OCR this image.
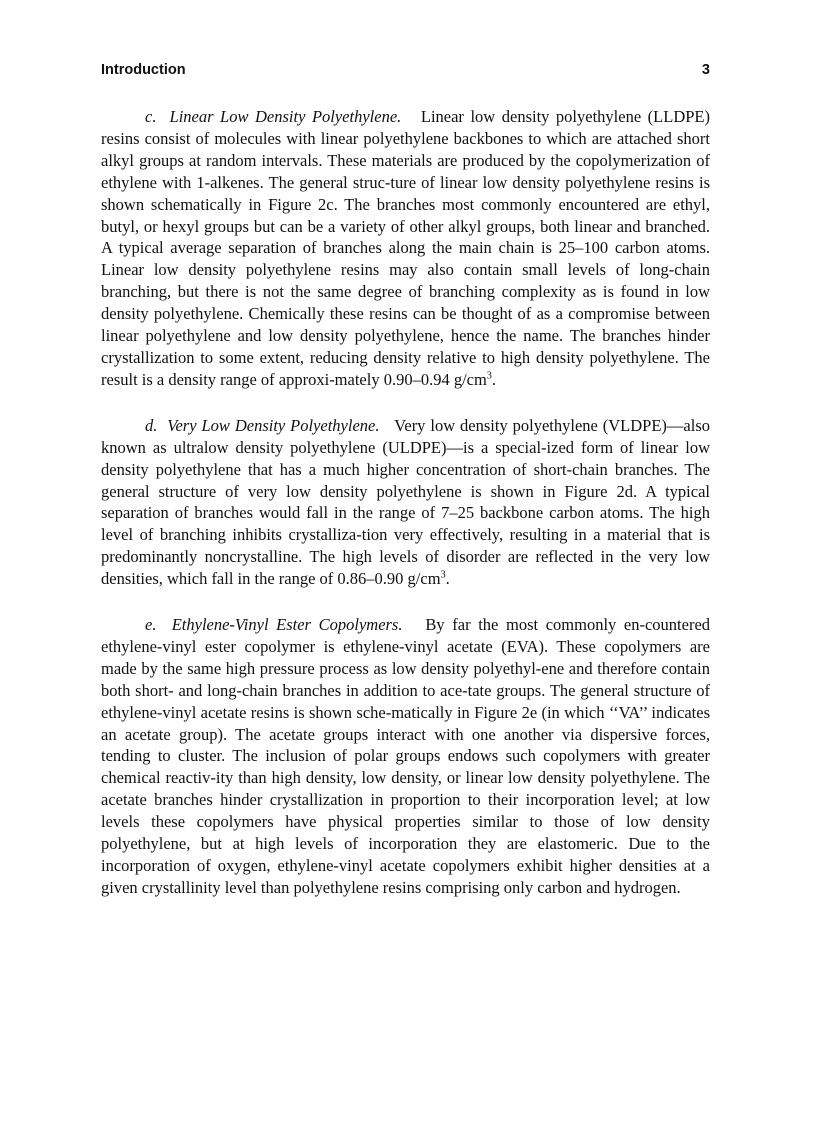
Introduction	3

c. Linear Low Density Polyethylene. Linear low density polyethylene (LLDPE) resins consist of molecules with linear polyethylene backbones to which are attached short alkyl groups at random intervals. These materials are produced by the copolymerization of ethylene with 1-alkenes. The general struc-ture of linear low density polyethylene resins is shown schematically in Figure 2c. The branches most commonly encountered are ethyl, butyl, or hexyl groups but can be a variety of other alkyl groups, both linear and branched. A typical average separation of branches along the main chain is 25–100 carbon atoms. Linear low density polyethylene resins may also contain small levels of long-chain branching, but there is not the same degree of branching complexity as is found in low density polyethylene. Chemically these resins can be thought of as a compromise between linear polyethylene and low density polyethylene, hence the name. The branches hinder crystallization to some extent, reducing density relative to high density polyethylene. The result is a density range of approxi-mately 0.90–0.94 $g/cm^3$.

d. Very Low Density Polyethylene. Very low density polyethylene (VLDPE)—also known as ultralow density polyethylene (ULDPE)—is a special-ized form of linear low density polyethylene that has a much higher concentration of short-chain branches. The general structure of very low density polyethylene is shown in Figure 2d. A typical separation of branches would fall in the range of 7–25 backbone carbon atoms. The high level of branching inhibits crystalliza-tion very effectively, resulting in a material that is predominantly noncrystalline. The high levels of disorder are reflected in the very low densities, which fall in the range of 0.86–0.90 $g/cm^3$.

e. Ethylene-Vinyl Ester Copolymers. By far the most commonly en-countered ethylene-vinyl ester copolymer is ethylene-vinyl acetate (EVA). These copolymers are made by the same high pressure process as low density polyethyl-ene and therefore contain both short- and long-chain branches in addition to ace-tate groups. The general structure of ethylene-vinyl acetate resins is shown sche-matically in Figure 2e (in which ‘‘VA’’ indicates an acetate group). The acetate groups interact with one another via dispersive forces, tending to cluster. The inclusion of polar groups endows such copolymers with greater chemical reactiv-ity than high density, low density, or linear low density polyethylene. The acetate branches hinder crystallization in proportion to their incorporation level; at low levels these copolymers have physical properties similar to those of low density polyethylene, but at high levels of incorporation they are elastomeric. Due to the incorporation of oxygen, ethylene-vinyl acetate copolymers exhibit higher densities at a given crystallinity level than polyethylene resins comprising only carbon and hydrogen.
